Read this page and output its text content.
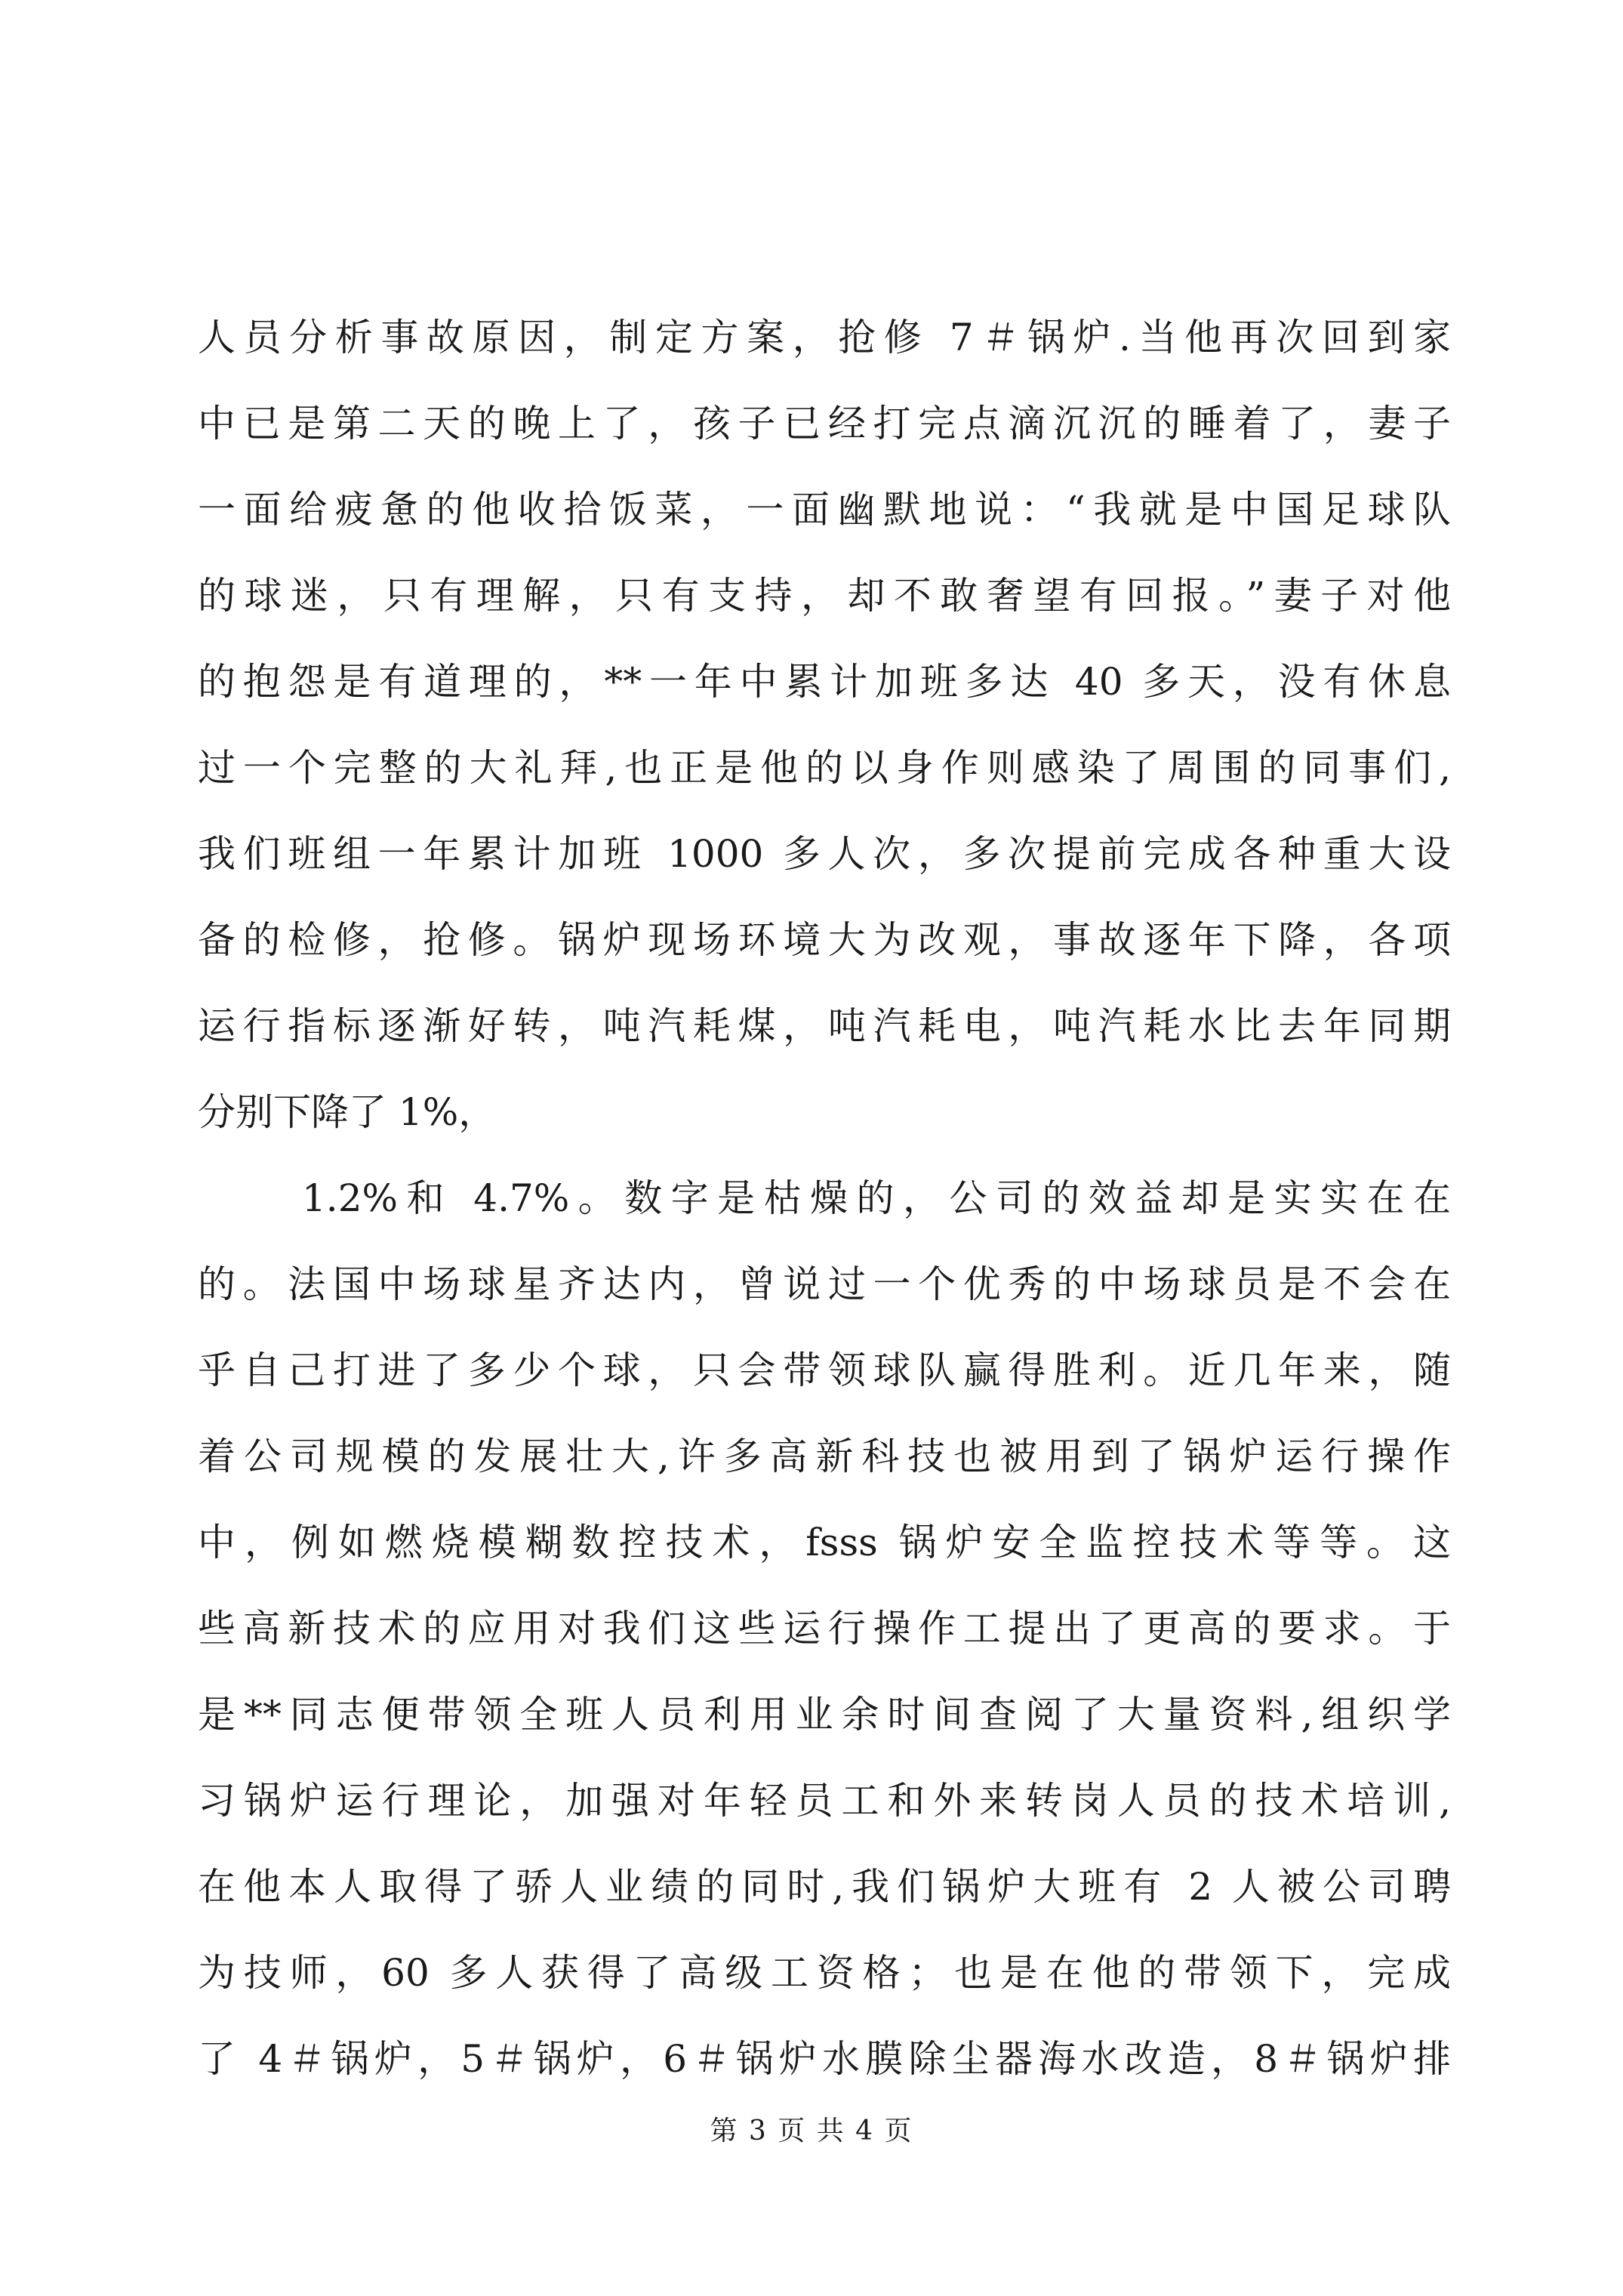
人员分析事故原因，制定方案，抢修 7＃锅炉.当他再次回到家
中已是第二天的晚上了，孩子已经打完点滴沉沉的睡着了，妻子
一面给疲惫的他收拾饭菜，一面幽默地说：“我就是中国足球队
的球迷，只有理解，只有支持，却不敢奢望有回报。”妻子对他
的抱怨是有道理的，**一年中累计加班多达 40 多天，没有休息
过一个完整的大礼拜,也正是他的以身作则感染了周围的同事们,
我们班组一年累计加班 1000 多人次，多次提前完成各种重大设
备的检修，抢修。锅炉现场环境大为改观，事故逐年下降，各项
运行指标逐渐好转，吨汽耗煤，吨汽耗电，吨汽耗水比去年同期
分别下降了 1%，
1.2%和 4.7%。数字是枯燥的，公司的效益却是实实在在
的。法国中场球星齐达内，曾说过一个优秀的中场球员是不会在
乎自己打进了多少个球，只会带领球队赢得胜利。近几年来，随
着公司规模的发展壮大,许多高新科技也被用到了锅炉运行操作
中，例如燃烧模糊数控技术，fsss 锅炉安全监控技术等等。这
些高新技术的应用对我们这些运行操作工提出了更高的要求。于
是**同志便带领全班人员利用业余时间查阅了大量资料,组织学
习锅炉运行理论，加强对年轻员工和外来转岗人员的技术培训,
在他本人取得了骄人业绩的同时,我们锅炉大班有 2 人被公司聘
为技师，60 多人获得了高级工资格；也是在他的带领下，完成
了 4＃锅炉，5＃锅炉，6＃锅炉水膜除尘器海水改造，8＃锅炉排
第 3 页 共 4 页
